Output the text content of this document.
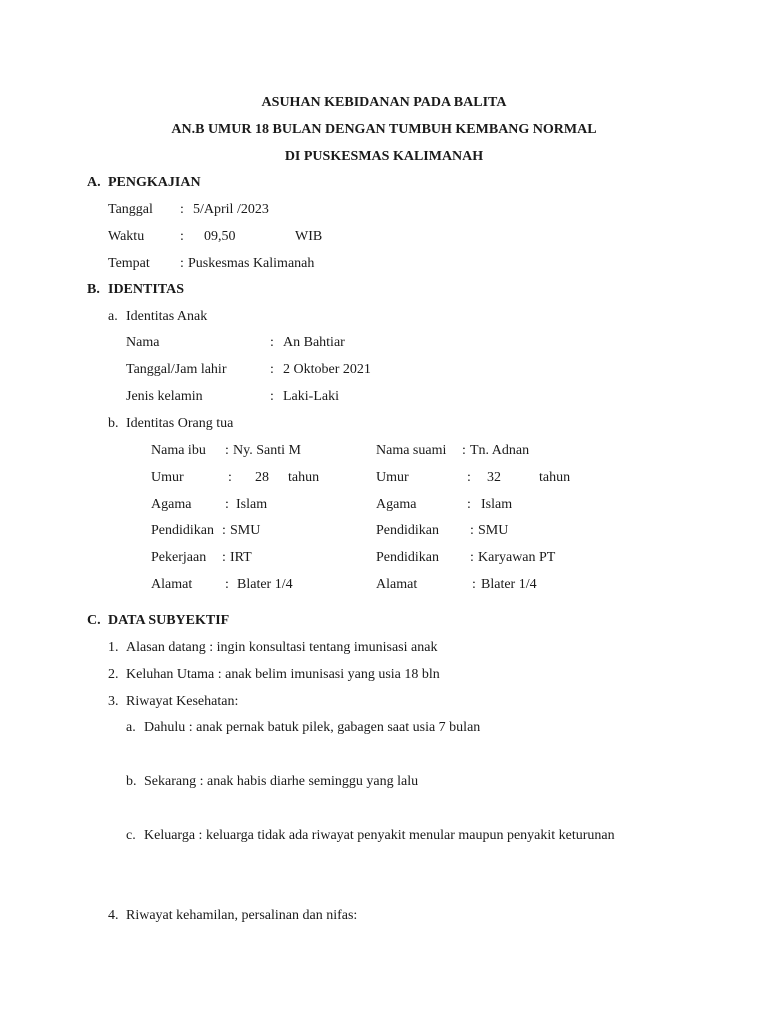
ASUHAN KEBIDANAN PADA BALITA
AN.B UMUR 18 BULAN DENGAN TUMBUH KEMBANG NORMAL
DI PUSKESMAS KALIMANAH
A. PENGKAJIAN
Tanggal : 5/April /2023
Waktu	: 09,50	WIB
Tempat : Puskesmas Kalimanah
B. IDENTITAS
a. Identitas Anak
Nama	: An Bahtiar
Tanggal/Jam lahir	: 2 Oktober 2021
Jenis kelamin	: Laki-Laki
b. Identitas Orang tua
Nama ibu : Ny. Santi M	Nama suami : Tn. Adnan
Umur	: 28 tahun	Umur	: 32	tahun
Agama : Islam	Agama	: Islam
Pendidikan : SMU	Pendidikan : SMU
Pekerjaan : IRT	Pendidikan : Karyawan PT
Alamat : Blater 1/4	Alamat	: Blater 1/4
C. DATA SUBYEKTIF
1. Alasan datang : ingin konsultasi tentang imunisasi anak
2. Keluhan Utama : anak belim imunisasi yang usia 18 bln
3. Riwayat Kesehatan:
a. Dahulu : anak pernak batuk pilek, gabagen saat usia 7 bulan
b. Sekarang : anak habis diarhe seminggu yang lalu
c. Keluarga : keluarga tidak ada riwayat penyakit menular maupun penyakit keturunan
4. Riwayat kehamilan, persalinan dan nifas:
